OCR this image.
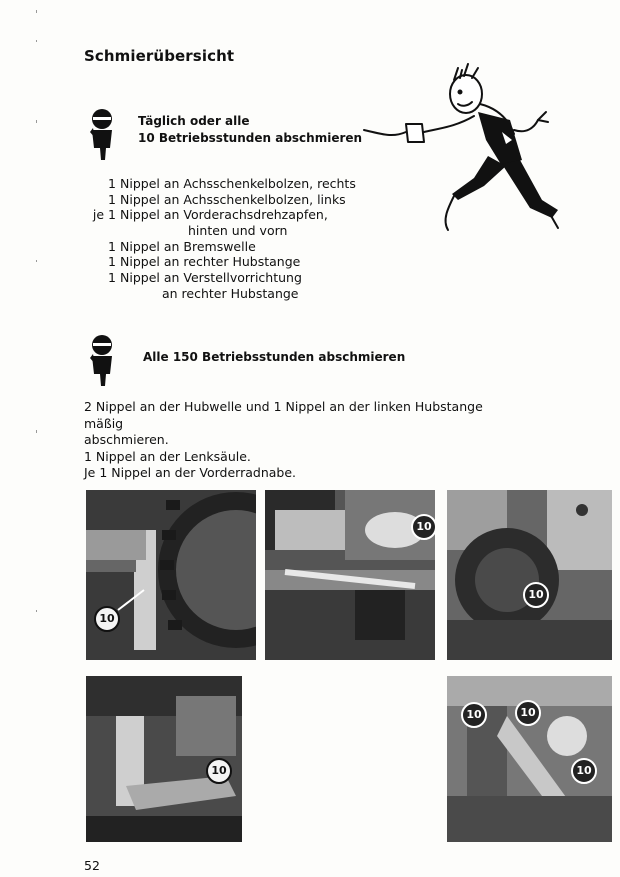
Schmierübersicht
Täglich oder alle
10 Betriebsstunden abschmieren
1 Nippel an Achsschenkelbolzen, rechts
1 Nippel an Achsschenkelbolzen, links
je 1 Nippel an Vorderachsdrehzapfen,
hinten und vorn
1 Nippel an Bremswelle
1 Nippel an rechter Hubstange
1 Nippel an Verstellvorrichtung
an rechter Hubstange
Alle 150 Betriebsstunden abschmieren
2 Nippel an der Hubwelle und 1 Nippel an der linken Hubstange mäßig
abschmieren.
1 Nippel an der Lenksäule.
Je 1 Nippel an der Vorderradnabe.
10
10
10
10
10	10
10
52
